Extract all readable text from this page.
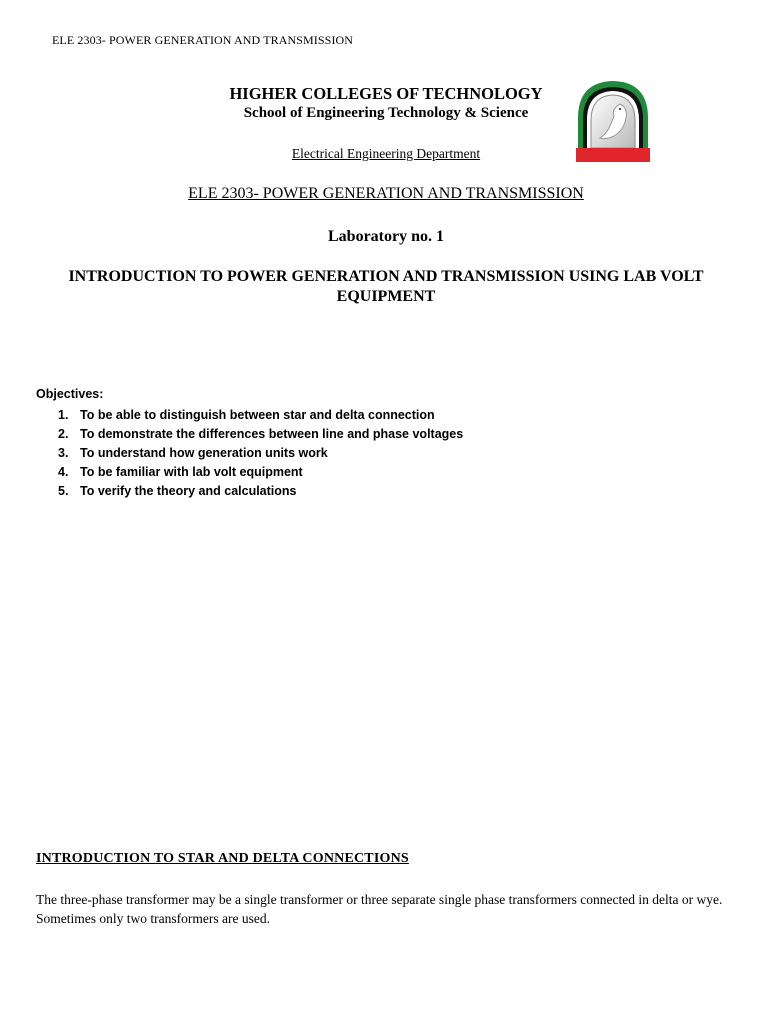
ELE 2303- POWER GENERATION AND TRANSMISSION
HIGHER COLLEGES OF TECHNOLOGY
School of Engineering Technology & Science
Electrical Engineering Department
ELE 2303- POWER GENERATION AND TRANSMISSION
Laboratory no. 1
INTRODUCTION TO POWER GENERATION AND TRANSMISSION USING LAB VOLT EQUIPMENT
Objectives:
1. To be able to distinguish between star and delta connection
2. To demonstrate the differences between line and phase voltages
3. To understand how generation units work
4. To be familiar with lab volt equipment
5. To verify the theory and calculations
INTRODUCTION TO STAR AND DELTA CONNECTIONS

The three-phase transformer may be a single transformer or three separate single phase transformers connected in delta or wye. Sometimes only two transformers are used.
